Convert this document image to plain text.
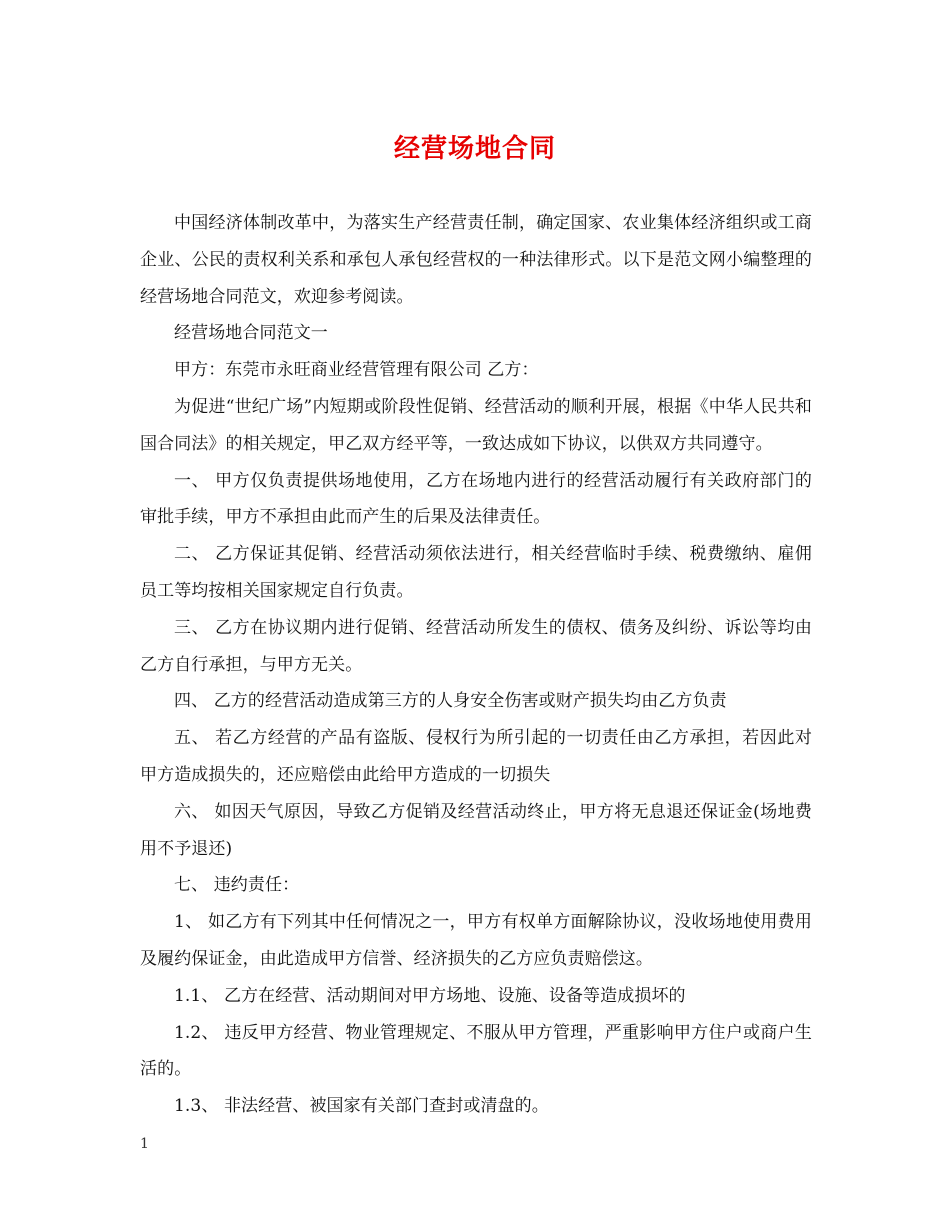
经营场地合同

中国经济体制改革中，为落实生产经营责任制，确定国家、农业集体经济组织或工商企业、公民的责权利关系和承包人承包经营权的一种法律形式。以下是范文网小编整理的经营场地合同范文，欢迎参考阅读。

经营场地合同范文一

甲方：东莞市永旺商业经营管理有限公司 乙方：

为促进“世纪广场”内短期或阶段性促销、经营活动的顺利开展，根据《中华人民共和国合同法》的相关规定，甲乙双方经平等，一致达成如下协议，以供双方共同遵守。

一、 甲方仅负责提供场地使用，乙方在场地内进行的经营活动履行有关政府部门的审批手续，甲方不承担由此而产生的后果及法律责任。

二、 乙方保证其促销、经营活动须依法进行，相关经营临时手续、税费缴纳、雇佣员工等均按相关国家规定自行负责。

三、 乙方在协议期内进行促销、经营活动所发生的债权、债务及纠纷、诉讼等均由乙方自行承担，与甲方无关。

四、 乙方的经营活动造成第三方的人身安全伤害或财产损失均由乙方负责

五、 若乙方经营的产品有盗版、侵权行为所引起的一切责任由乙方承担，若因此对甲方造成损失的，还应赔偿由此给甲方造成的一切损失

六、 如因天气原因，导致乙方促销及经营活动终止，甲方将无息退还保证金(场地费用不予退还)

七、 违约责任：

1、 如乙方有下列其中任何情况之一，甲方有权单方面解除协议，没收场地使用费用及履约保证金，由此造成甲方信誉、经济损失的乙方应负责赔偿这。

1.1、 乙方在经营、活动期间对甲方场地、设施、设备等造成损坏的

1.2、 违反甲方经营、物业管理规定、不服从甲方管理，严重影响甲方住户或商户生活的。

1.3、 非法经营、被国家有关部门查封或清盘的。

1
